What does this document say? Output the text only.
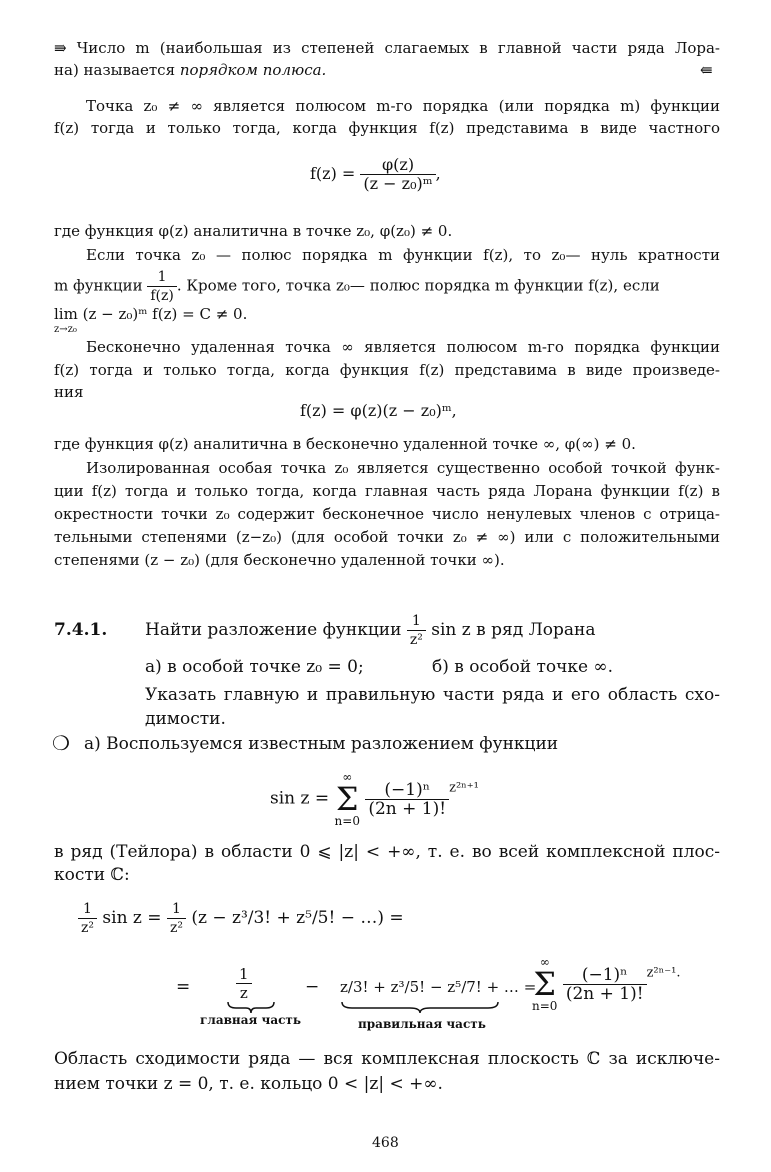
⇛ Число m (наибольшая из степеней слагаемых в главной части ряда Лора-
на) называется порядком полюса.	⇚
Точка z₀ ≠ ∞ является полюсом m-го порядка (или порядка m) функции
f(z) тогда и только тогда, когда функция f(z) представима в виде частного
$f(z) = \frac{\varphi(z)}{\text{(z − z₀)ᵐ}}$ ,
где функция φ(z) аналитична в точке z₀, φ(z₀) ≠ 0.
Если точка z₀ — полюс порядка m функции f(z), то z₀— нуль кратности
m функции $\frac{1}{f(z)}$ . Кроме того, точка z₀— полюс порядка m функции f(z), если
lim (z − z₀)ᵐ f(z) = C ≠ 0.
z→z₀
Бесконечно удаленная точка ∞ является полюсом m-го порядка функции
f(z) тогда и только тогда, когда функция f(z) представима в виде произведе-
ния
f(z) = φ(z)(z − z₀)ᵐ,
где функция φ(z) аналитична в бесконечно удаленной точке ∞, φ(∞) ≠ 0.
Изолированная особая точка z₀ является существенно особой точкой функ-
ции f(z) тогда и только тогда, когда главная часть ряда Лорана функции f(z) в
окрестности точки z₀ содержит бесконечное число ненулевых членов с отрица-
тельными степенями (z−z₀) (для особой точки z₀ ≠ ∞) или с положительными
степенями (z − z₀) (для бесконечно удаленной точки ∞).
7.4.1.	Найти разложение функции $\frac{1}{\text{z²}}$ sin z в ряд Лорана
а) в особой точке z₀ = 0;	б) в особой точке ∞.
Указать главную и правильную части ряда и его область схо-
димости.
❍ а) Воспользуемся известным разложением функции
sin z =
∞
Σ
n=0

$\frac{\text{(−1)ⁿ}}{(2n + 1)!} ^{z^{2n+1}}$
в ряд (Тейлора) в области 0 ⩽ |z| < +∞, т. е. во всей комплексной плос-
кости ℂ:
$\frac{1}{\text{z²}}$ $\sin z = \frac{1}{\text{z²}} (z - z^3/3$! + z⁵/5! − …) =
=	$\frac{1}{z}$	− z/3! + z³/5! − z⁵/7! + … =
∞
Σ
n=0

$\frac{\text{(−1)ⁿ}}{(2n + 1)!} ^{z^{2n-1}.}$
главная часть	правильная часть
Область сходимости ряда — вся комплексная плоскость ℂ за исключе-
нием точки z = 0, т. е. кольцо 0 < |z| < +∞.
468
